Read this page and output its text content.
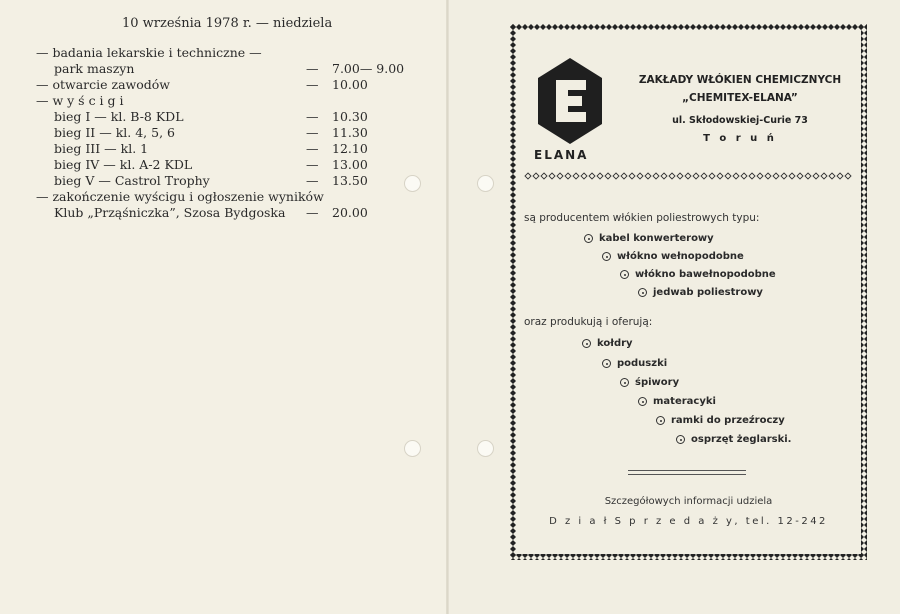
10 września 1978 r. — niedziela
— badania lekarskie i techniczne —
park maszyn	— 7.00— 9.00
— otwarcie zawodów	— 10.00
— w y ś c i g i
bieg I — kl. B-8 KDL	— 10.30
bieg II — kl. 4, 5, 6	— 11.30
bieg III — kl. 1	— 12.10
bieg IV — kl. A-2 KDL	— 13.00
bieg V — Castrol Trophy	— 13.50
— zakończenie wyścigu i ogłoszenie wyników
Klub „Prząśniczka”, Szosa Bydgoska — 20.00
ELANA
ZAKŁADY WŁÓKIEN CHEMICZNYCH
„CHEMITEX-ELANA”
ul. Skłodowskiej-Curie 73
T o r u ń
są producentem włókien poliestrowych typu:
kabel konwerterowy
włókno wełnopodobne
włókno bawełnopodobne
jedwab poliestrowy
oraz produkują i oferują:
kołdry
poduszki
śpiwory
materacyki
ramki do przeźroczy
osprzęt żeglarski.
Szczegółowych informacji udziela
D z i a ł S p r z e d a ż y, tel. 12-242
